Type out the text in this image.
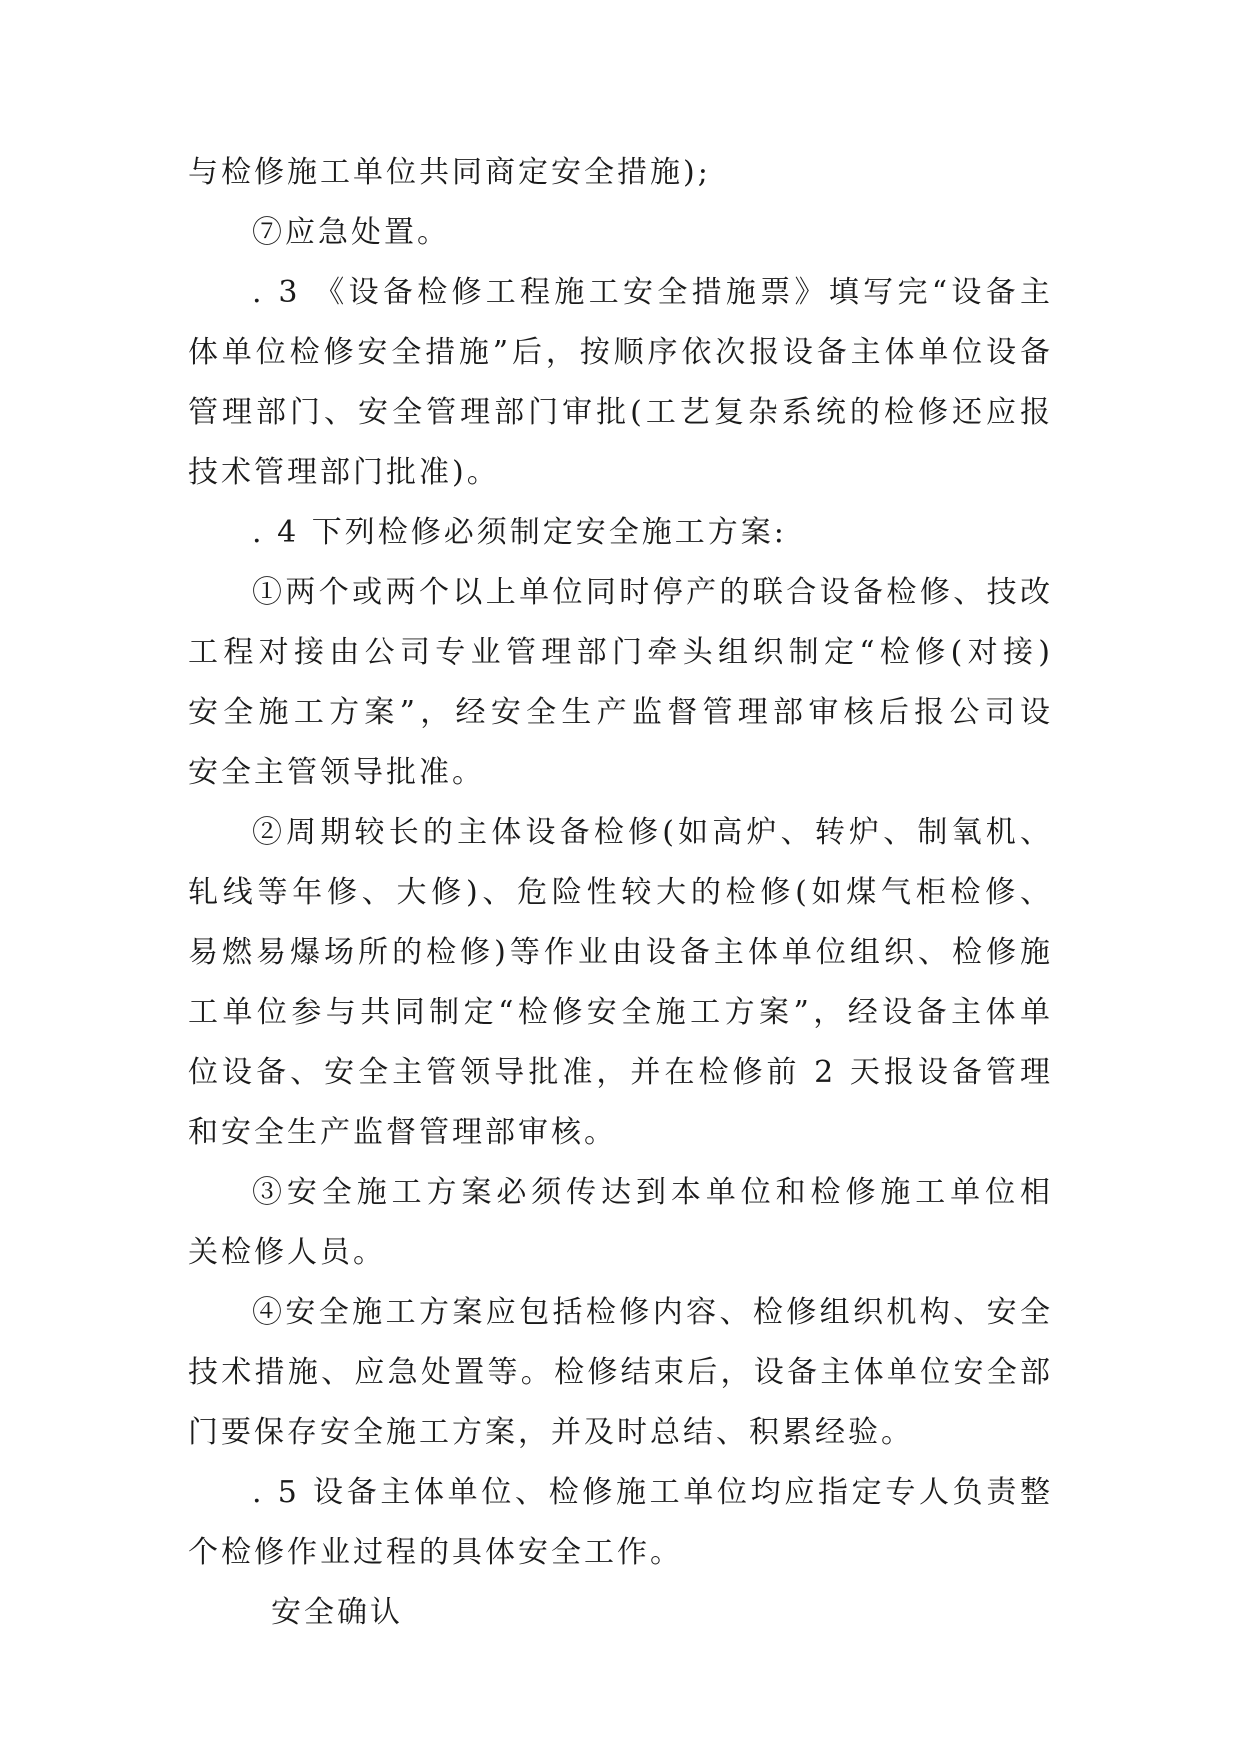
与检修施工单位共同商定安全措施);
⑦应急处置。
. 3 《设备检修工程施工安全措施票》填写完“设备主
体单位检修安全措施”后，按顺序依次报设备主体单位设备
管理部门、安全管理部门审批(工艺复杂系统的检修还应报
技术管理部门批准)。
. 4 下列检修必须制定安全施工方案:
①两个或两个以上单位同时停产的联合设备检修、技改
工程对接由公司专业管理部门牵头组织制定“检修(对接)
安全施工方案”，经安全生产监督管理部审核后报公司设
安全主管领导批准。
②周期较长的主体设备检修(如高炉、转炉、制氧机、
轧线等年修、大修)、危险性较大的检修(如煤气柜检修、
易燃易爆场所的检修)等作业由设备主体单位组织、检修施
工单位参与共同制定“检修安全施工方案”，经设备主体单
位设备、安全主管领导批准，并在检修前 2 天报设备管理
和安全生产监督管理部审核。
③安全施工方案必须传达到本单位和检修施工单位相
关检修人员。
④安全施工方案应包括检修内容、检修组织机构、安全
技术措施、应急处置等。检修结束后，设备主体单位安全部
门要保存安全施工方案，并及时总结、积累经验。
. 5 设备主体单位、检修施工单位均应指定专人负责整
个检修作业过程的具体安全工作。
安全确认
